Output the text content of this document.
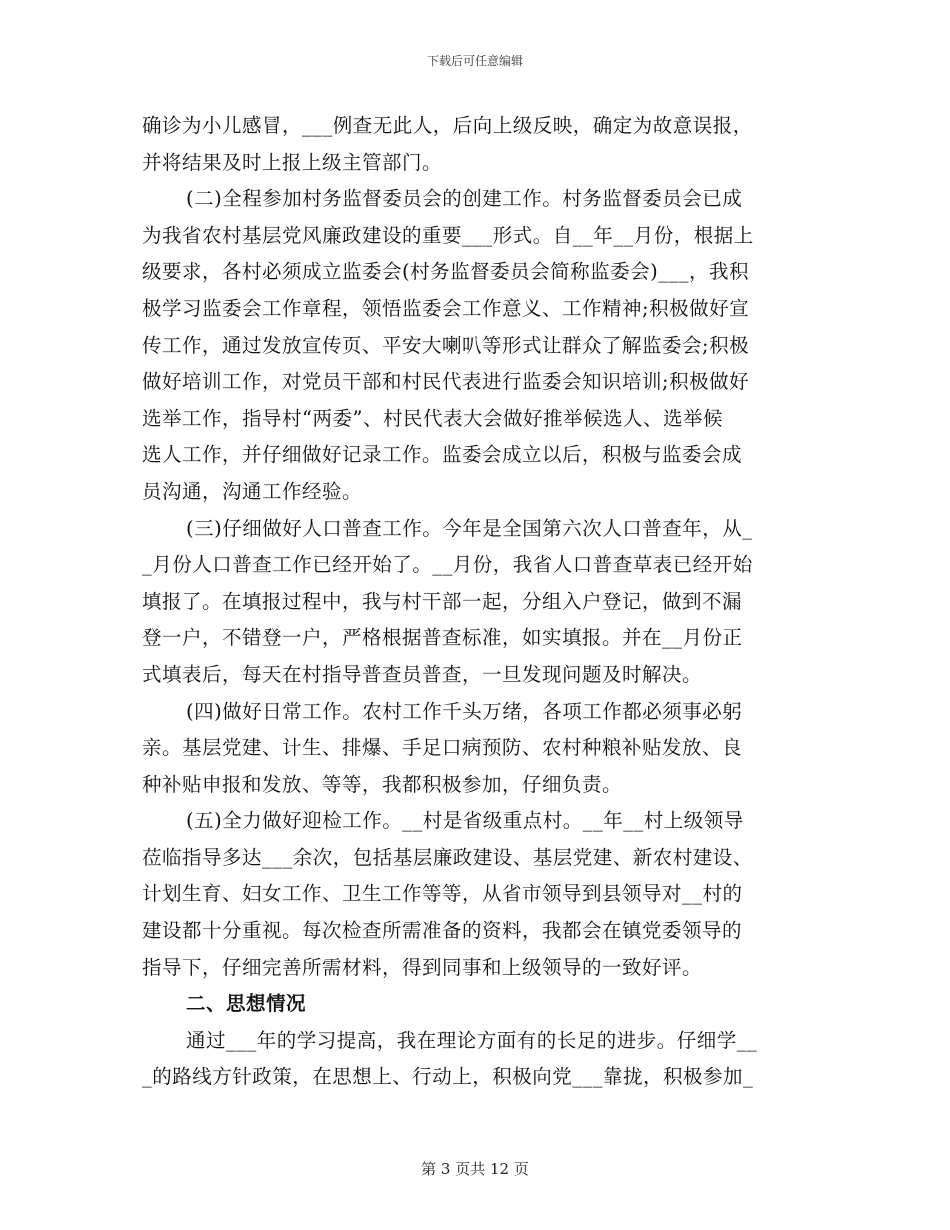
下载后可任意编辑
确诊为小儿感冒，___例查无此人，后向上级反映，确定为故意误报，
并将结果及时上报上级主管部门。
(二)全程参加村务监督委员会的创建工作。村务监督委员会已成
为我省农村基层党风廉政建设的重要___形式。自__年__月份，根据上
级要求，各村必须成立监委会(村务监督委员会简称监委会)___，我积
极学习监委会工作章程，领悟监委会工作意义、工作精神;积极做好宣
传工作，通过发放宣传页、平安大喇叭等形式让群众了解监委会;积极
做好培训工作，对党员干部和村民代表进行监委会知识培训;积极做好
选举工作，指导村“两委”、村民代表大会做好推举候选人、选举候
选人工作，并仔细做好记录工作。监委会成立以后，积极与监委会成
员沟通，沟通工作经验。
(三)仔细做好人口普查工作。今年是全国第六次人口普查年，从_
_月份人口普查工作已经开始了。__月份，我省人口普查草表已经开始
填报了。在填报过程中，我与村干部一起，分组入户登记，做到不漏
登一户，不错登一户，严格根据普查标准，如实填报。并在__月份正
式填表后，每天在村指导普查员普查，一旦发现问题及时解决。
(四)做好日常工作。农村工作千头万绪，各项工作都必须事必躬
亲。基层党建、计生、排爆、手足口病预防、农村种粮补贴发放、良
种补贴申报和发放、等等，我都积极参加，仔细负责。
(五)全力做好迎检工作。__村是省级重点村。__年__村上级领导
莅临指导多达___余次，包括基层廉政建设、基层党建、新农村建设、
计划生育、妇女工作、卫生工作等等，从省市领导到县领导对__村的
建设都十分重视。每次检查所需准备的资料，我都会在镇党委领导的
指导下，仔细完善所需材料，得到同事和上级领导的一致好评。
二、思想情况
通过___年的学习提高，我在理论方面有的长足的进步。仔细学__
_的路线方针政策，在思想上、行动上，积极向党___靠拢，积极参加_
第 3 页共 12 页
